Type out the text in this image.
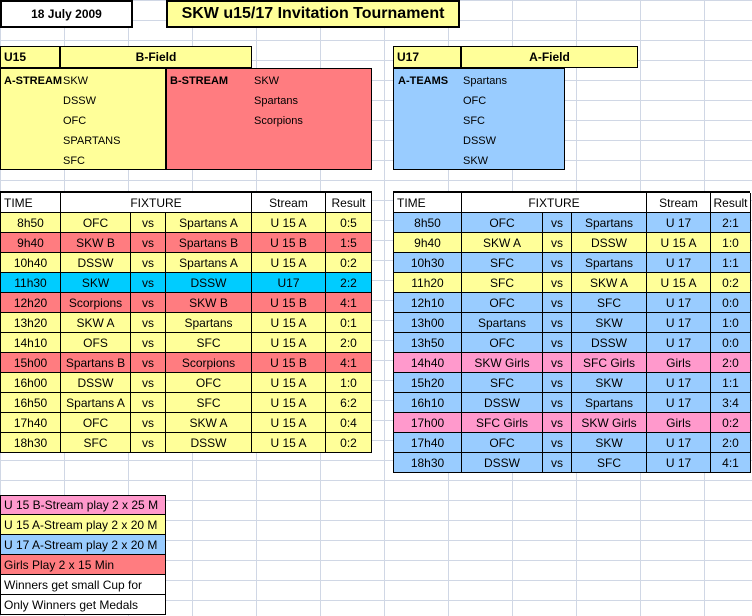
18 July 2009	SKW u15/17 Invitation Tournament
U15	B-Field
A-STREAM SKW
DSSW
OFC
SPARTANS
SFC
B-STREAM SKW
Spartans
Scorpions
U17	A-Field
A-TEAMS Spartans
OFC
SFC
DSSW
SKW
TIME	FIXTURE	Stream	Result
8h50	OFC	vs	Spartans A	U 15 A	0:5
9h40	SKW B	vs	Spartans B	U 15 B	1:5
10h40	DSSW	vs	Spartans A	U 15 A	0:2
11h30	SKW	vs	DSSW	U17	2:2
12h20	Scorpions	vs	SKW B	U 15 B	4:1
13h20	SKW A	vs	Spartans	U 15 A	0:1
14h10	OFS	vs	SFC	U 15 A	2:0
15h00	Spartans B	vs	Scorpions	U 15 B	4:1
16h00	DSSW	vs	OFC	U 15 A	1:0
16h50	Spartans A	vs	SFC	U 15 A	6:2
17h40	OFC	vs	SKW A	U 15 A	0:4
18h30	SFC	vs	DSSW	U 15 A	0:2
TIME	FIXTURE	Stream	Result
8h50	OFC	vs	Spartans	U 17	2:1
9h40	SKW A	vs	DSSW	U 15 A	1:0
10h30	SFC	vs	Spartans	U 17	1:1
11h20	SFC	vs	SKW A	U 15 A	0:2
12h10	OFC	vs	SFC	U 17	0:0
13h00	Spartans	vs	SKW	U 17	1:0
13h50	OFC	vs	DSSW	U 17	0:0
14h40	SKW Girls	vs	SFC Girls	Girls	2:0
15h20	SFC	vs	SKW	U 17	1:1
16h10	DSSW	vs	Spartans	U 17	3:4
17h00	SFC Girls	vs	SKW Girls	Girls	0:2
17h40	OFC	vs	SKW	U 17	2:0
18h30	DSSW	vs	SFC	U 17	4:1
U 15 B-Stream play 2 x 25 M
U 15 A-Stream play 2 x 20 M
U 17 A-Stream play 2 x 20 M
Girls Play 2 x 15 Min
Winners get small Cup for
Only Winners get Medals
